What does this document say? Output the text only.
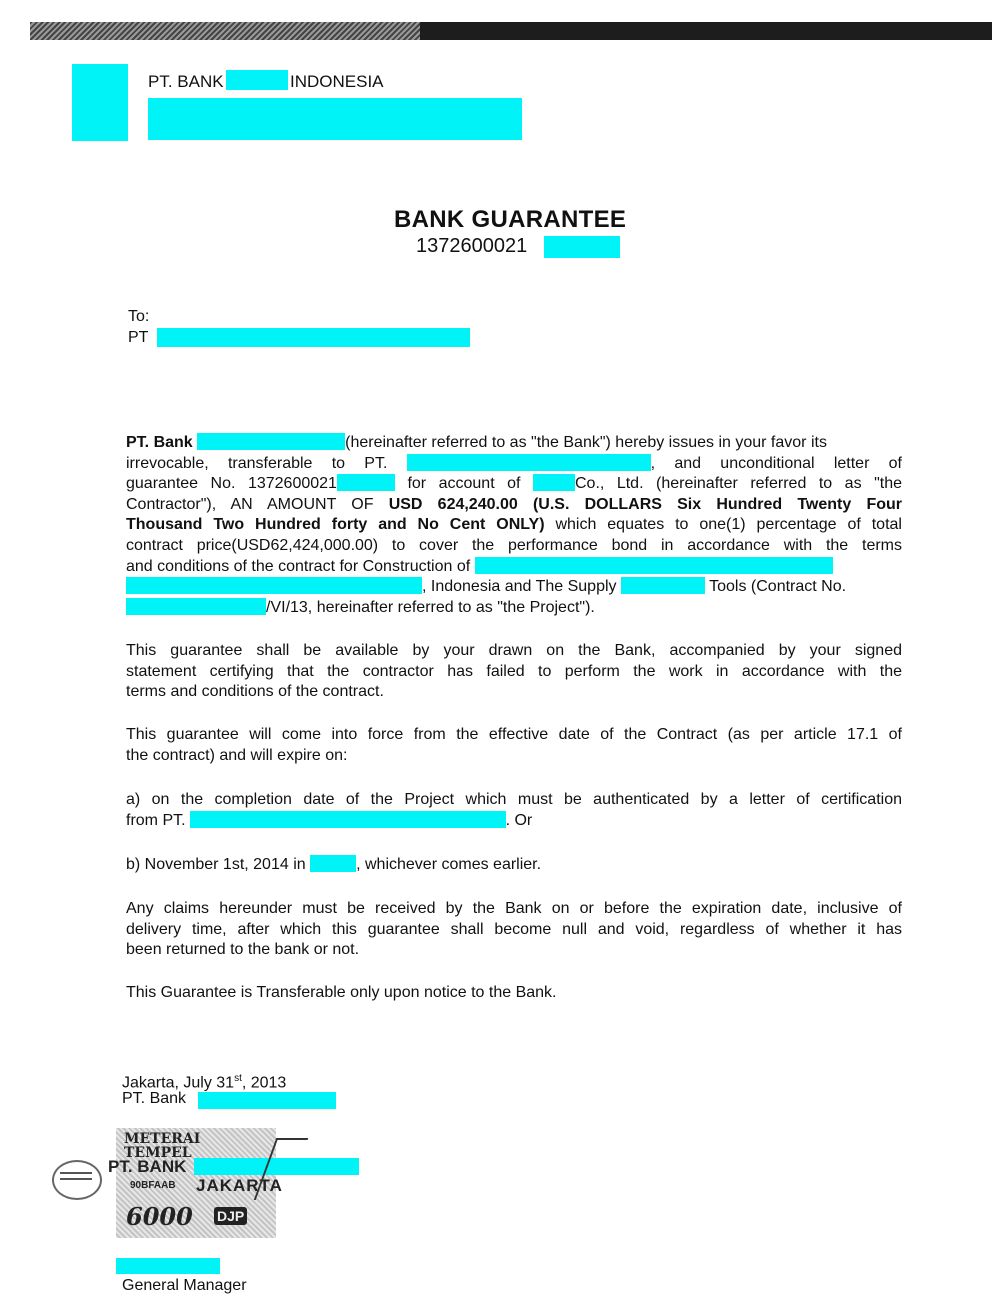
PT. BANK	INDONESIA
BANK GUARANTEE
1372600021
To:
PT
PT. Bank	(hereinafter referred to as "the Bank") hereby issues in your favor its
irrevocable, transferable to PT.	, and unconditional letter of
guarantee No. 1372600021	for account of	Co., Ltd. (hereinafter referred to as "the
Contractor"), AN AMOUNT OF USD 624,240.00 (U.S. DOLLARS Six Hundred Twenty Four
Thousand Two Hundred forty and No Cent ONLY) which equates to one(1) percentage of total
contract price(USD62,424,000.00) to cover the performance bond in accordance with the terms
and conditions of the contract for Construction of
, Indonesia and The Supply	Tools (Contract No.
/VI/13, hereinafter referred to as "the Project").
This guarantee shall be available by your drawn on the Bank, accompanied by your signed
statement certifying that the contractor has failed to perform the work in accordance with the
terms and conditions of the contract.
This guarantee will come into force from the effective date of the Contract (as per article 17.1 of
the contract) and will expire on:
a) on the completion date of the Project which must be authenticated by a letter of certification
from PT.	. Or
b) November 1st, 2014 in	, whichever comes earlier.
Any claims hereunder must be received by the Bank on or before the expiration date, inclusive of
delivery time, after which this guarantee shall become null and void, regardless of whether it has
been returned to the bank or not.
This Guarantee is Transferable only upon notice to the Bank.
Jakarta, July 31st, 2013
PT. Bank
METERAI
TEMPEL
PT. BANK
90BFAAB JAKARTA
6000 DJP
General Manager
